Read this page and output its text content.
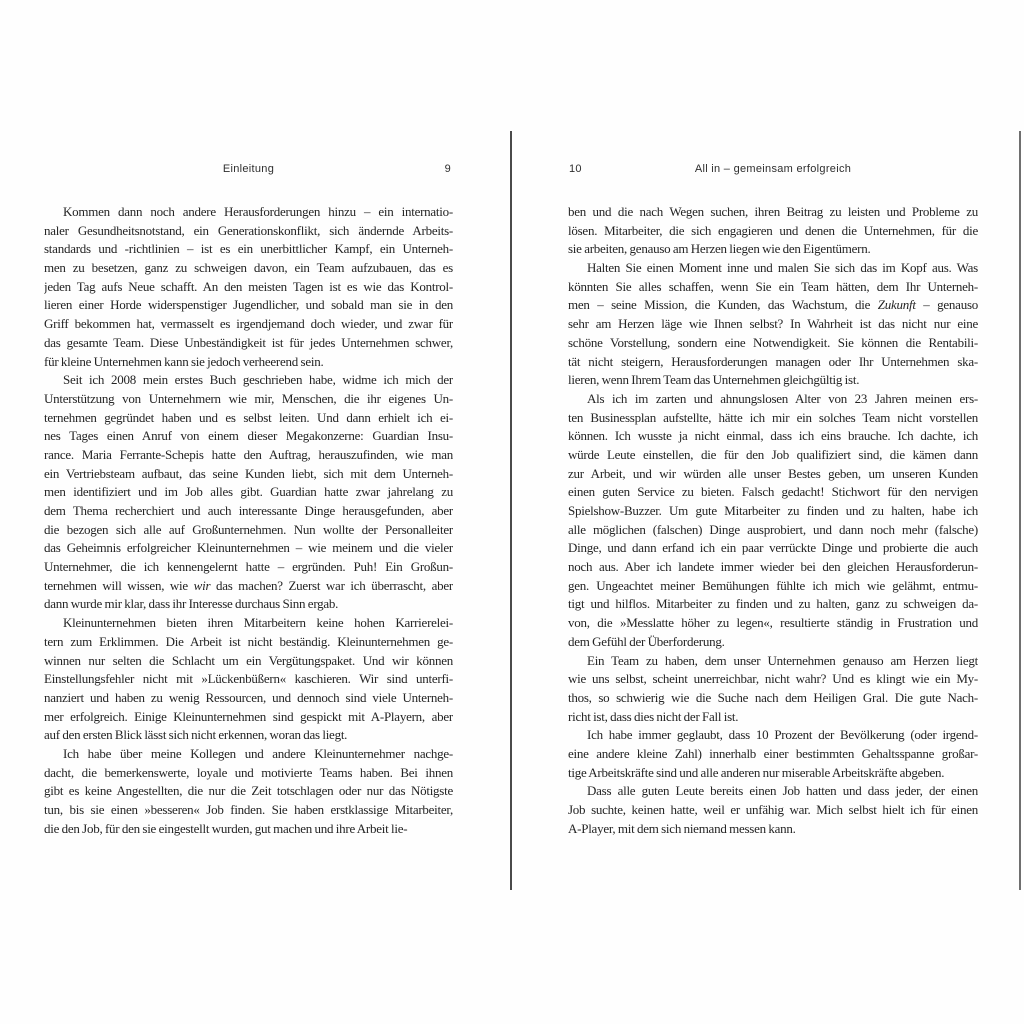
Einleitung	9
Kommen dann noch andere Herausforderungen hinzu – ein internatio-
naler Gesundheitsnotstand, ein Generationskonflikt, sich ändernde Arbeits-
standards und -richtlinien – ist es ein unerbittlicher Kampf, ein Unterneh-
men zu besetzen, ganz zu schweigen davon, ein Team aufzubauen, das es
jeden Tag aufs Neue schafft. An den meisten Tagen ist es wie das Kontrol-
lieren einer Horde widerspenstiger Jugendlicher, und sobald man sie in den
Griff bekommen hat, vermasselt es irgendjemand doch wieder, und zwar für
das gesamte Team. Diese Unbeständigkeit ist für jedes Unternehmen schwer,
für kleine Unternehmen kann sie jedoch verheerend sein.
Seit ich 2008 mein erstes Buch geschrieben habe, widme ich mich der
Unterstützung von Unternehmern wie mir, Menschen, die ihr eigenes Un-
ternehmen gegründet haben und es selbst leiten. Und dann erhielt ich ei-
nes Tages einen Anruf von einem dieser Megakonzerne: Guardian Insu-
rance. Maria Ferrante-Schepis hatte den Auftrag, herauszufinden, wie man
ein Vertriebsteam aufbaut, das seine Kunden liebt, sich mit dem Unterneh-
men identifiziert und im Job alles gibt. Guardian hatte zwar jahrelang zu
dem Thema recherchiert und auch interessante Dinge herausgefunden, aber
die bezogen sich alle auf Großunternehmen. Nun wollte der Personalleiter
das Geheimnis erfolgreicher Kleinunternehmen – wie meinem und die vieler
Unternehmer, die ich kennengelernt hatte – ergründen. Puh! Ein Großun-
ternehmen will wissen, wie wir das machen? Zuerst war ich überrascht, aber
dann wurde mir klar, dass ihr Interesse durchaus Sinn ergab.
Kleinunternehmen bieten ihren Mitarbeitern keine hohen Karrierelei-
tern zum Erklimmen. Die Arbeit ist nicht beständig. Kleinunternehmen ge-
winnen nur selten die Schlacht um ein Vergütungspaket. Und wir können
Einstellungsfehler nicht mit »Lückenbüßern« kaschieren. Wir sind unterfi-
nanziert und haben zu wenig Ressourcen, und dennoch sind viele Unterneh-
mer erfolgreich. Einige Kleinunternehmen sind gespickt mit A-Playern, aber
auf den ersten Blick lässt sich nicht erkennen, woran das liegt.
Ich habe über meine Kollegen und andere Kleinunternehmer nachge-
dacht, die bemerkenswerte, loyale und motivierte Teams haben. Bei ihnen
gibt es keine Angestellten, die nur die Zeit totschlagen oder nur das Nötigste
tun, bis sie einen »besseren« Job finden. Sie haben erstklassige Mitarbeiter,
die den Job, für den sie eingestellt wurden, gut machen und ihre Arbeit lie-
10	All in – gemeinsam erfolgreich
ben und die nach Wegen suchen, ihren Beitrag zu leisten und Probleme zu
lösen. Mitarbeiter, die sich engagieren und denen die Unternehmen, für die
sie arbeiten, genauso am Herzen liegen wie den Eigentümern.
Halten Sie einen Moment inne und malen Sie sich das im Kopf aus. Was
könnten Sie alles schaffen, wenn Sie ein Team hätten, dem Ihr Unterneh-
men – seine Mission, die Kunden, das Wachstum, die Zukunft – genauso
sehr am Herzen läge wie Ihnen selbst? In Wahrheit ist das nicht nur eine
schöne Vorstellung, sondern eine Notwendigkeit. Sie können die Rentabili-
tät nicht steigern, Herausforderungen managen oder Ihr Unternehmen ska-
lieren, wenn Ihrem Team das Unternehmen gleichgültig ist.
Als ich im zarten und ahnungslosen Alter von 23 Jahren meinen ers-
ten Businessplan aufstellte, hätte ich mir ein solches Team nicht vorstellen
können. Ich wusste ja nicht einmal, dass ich eins brauche. Ich dachte, ich
würde Leute einstellen, die für den Job qualifiziert sind, die kämen dann
zur Arbeit, und wir würden alle unser Bestes geben, um unseren Kunden
einen guten Service zu bieten. Falsch gedacht! Stichwort für den nervigen
Spielshow-Buzzer. Um gute Mitarbeiter zu finden und zu halten, habe ich
alle möglichen (falschen) Dinge ausprobiert, und dann noch mehr (falsche)
Dinge, und dann erfand ich ein paar verrückte Dinge und probierte die auch
noch aus. Aber ich landete immer wieder bei den gleichen Herausforderun-
gen. Ungeachtet meiner Bemühungen fühlte ich mich wie gelähmt, entmu-
tigt und hilflos. Mitarbeiter zu finden und zu halten, ganz zu schweigen da-
von, die »Messlatte höher zu legen«, resultierte ständig in Frustration und
dem Gefühl der Überforderung.
Ein Team zu haben, dem unser Unternehmen genauso am Herzen liegt
wie uns selbst, scheint unerreichbar, nicht wahr? Und es klingt wie ein My-
thos, so schwierig wie die Suche nach dem Heiligen Gral. Die gute Nach-
richt ist, dass dies nicht der Fall ist.
Ich habe immer geglaubt, dass 10 Prozent der Bevölkerung (oder irgend-
eine andere kleine Zahl) innerhalb einer bestimmten Gehaltsspanne großar-
tige Arbeitskräfte sind und alle anderen nur miserable Arbeitskräfte abgeben.
Dass alle guten Leute bereits einen Job hatten und dass jeder, der einen
Job suchte, keinen hatte, weil er unfähig war. Mich selbst hielt ich für einen
A-Player, mit dem sich niemand messen kann.
